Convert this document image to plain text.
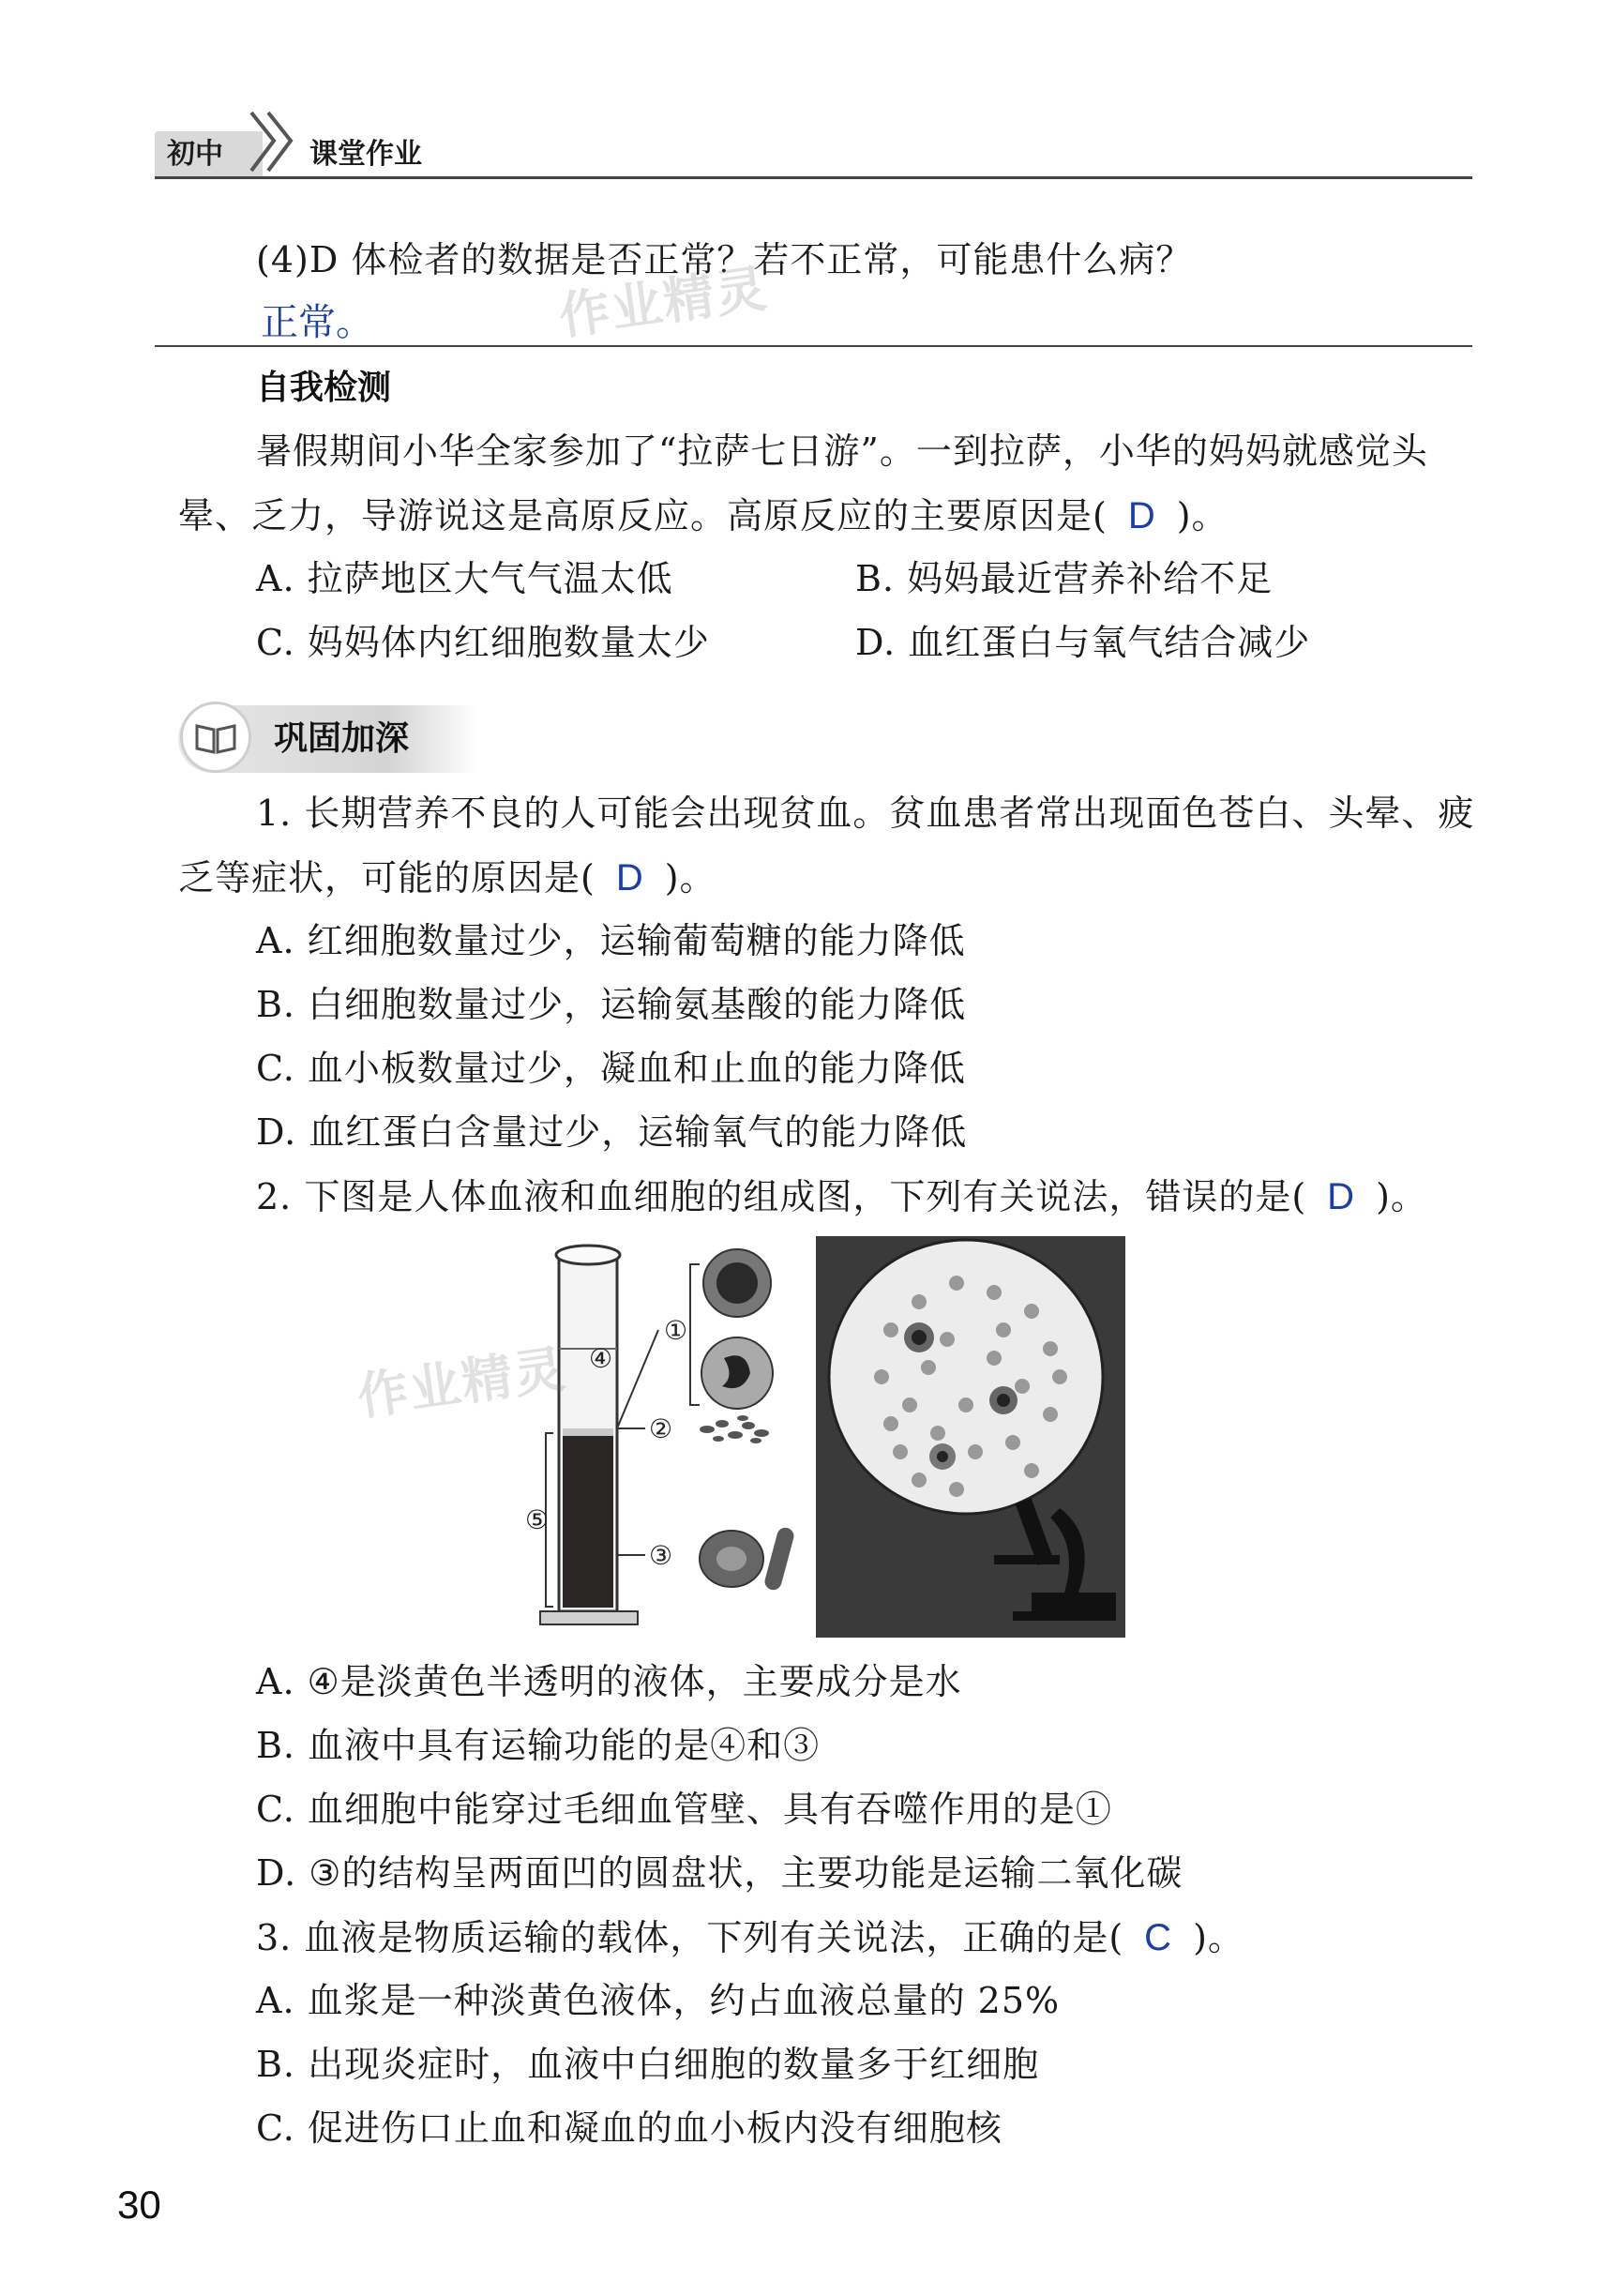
初中	课堂作业
(4)D 体检者的数据是否正常？若不正常，可能患什么病？
正常。	作业精灵
自我检测
暑假期间小华全家参加了“拉萨七日游”。一到拉萨，小华的妈妈就感觉头
晕、乏力，导游说这是高原反应。高原反应的主要原因是( D )。
A. 拉萨地区大气气温太低	B. 妈妈最近营养补给不足
C. 妈妈体内红细胞数量太少	D. 血红蛋白与氧气结合减少
巩固加深
1. 长期营养不良的人可能会出现贫血。贫血患者常出现面色苍白、头晕、疲
乏等症状，可能的原因是( D )。
A. 红细胞数量过少，运输葡萄糖的能力降低
B. 白细胞数量过少，运输氨基酸的能力降低
C. 血小板数量过少，凝血和止血的能力降低
D. 血红蛋白含量过少，运输氧气的能力降低
2. 下图是人体血液和血细胞的组成图，下列有关说法，错误的是( D )。
⑤
④
②
③
①
作业精灵
A. ④是淡黄色半透明的液体，主要成分是水
B. 血液中具有运输功能的是④和③
C. 血细胞中能穿过毛细血管壁、具有吞噬作用的是①
D. ③的结构呈两面凹的圆盘状，主要功能是运输二氧化碳
3. 血液是物质运输的载体，下列有关说法，正确的是( C )。
A. 血浆是一种淡黄色液体，约占血液总量的 25%
B. 出现炎症时，血液中白细胞的数量多于红细胞
C. 促进伤口止血和凝血的血小板内没有细胞核
30
